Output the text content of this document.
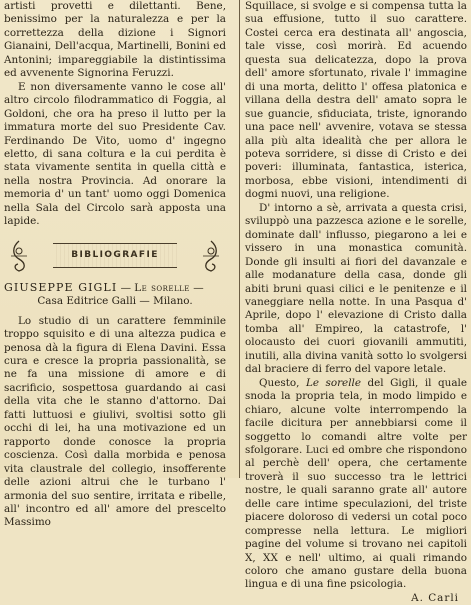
artisti provetti e dilettanti. Bene, benissimo per la naturalezza e per la correttezza della dizione i Signori Gianaini, Dell'acqua, Martinelli, Bonini ed Antonini; impareggiabile la distintissima ed avvenente Signorina Feruzzi.

E non diversamente vanno le cose all' altro circolo filodrammatico di Foggia, al Goldoni, che ora ha preso il lutto per la immatura morte del suo Presidente Cav. Ferdinando De Vito, uomo d' ingegno eletto, di sana coltura e la cui perdita è stata vivamente sentita in quella città e nella nostra Provincia. Ad onorare la memoria d' un tant' uomo oggi Domenica nella Sala del Circolo sarà apposta una lapide.

BIBLIOGRAFIE
GIUSEPPE GIGLI — Le sorelle —
Casa Editrice Galli — Milano.

Lo studio di un carattere femminile troppo squisito e di una altezza pudica e penosa dà la figura di Elena Davini. Essa cura e cresce la propria passionalità, se ne fa una missione di amore e di sacrificio, sospettosa guardando ai casi della vita che le stanno d'attorno. Dai fatti luttuosi e giulivi, svoltisi sotto gli occhi di lei, ha una motivazione ed un rapporto donde conosce la propria coscienza. Così dalla morbida e penosa vita claustrale del collegio, insofferente delle azioni altrui che le turbano l' armonia del suo sentire, irritata e ribelle, all' incontro ed all' amore del prescelto Massimo

Squillace, si svolge e si compensa tutta la sua effusione, tutto il suo carattere. Costei cerca era destinata all' angoscia, tale visse, così morirà. Ed acuendo questa sua delicatezza, dopo la prova dell' amore sfortunato, rivale l' immagine di una morta, delitto l' offesa platonica e villana della destra dell' amato sopra le sue guancie, sfiduciata, triste, ignorando una pace nell' avvenire, votava se stessa alla più alta idealità che per allora le poteva sorridere, si disse di Cristo e dei poveri: illuminata, fantastica, isterica, morbosa, ebbe visioni, intendimenti di dogmi nuovi, una religione.

D' intorno a sè, arrivata a questa crisi, sviluppò una pazzesca azione e le sorelle, dominate dall' influsso, piegarono a lei e vissero in una monastica comunità. Donde gli insulti ai fiori del davanzale e alle modanature della casa, donde gli abiti bruni quasi cilici e le penitenze e il vaneggiare nella notte. In una Pasqua d' Aprile, dopo l' elevazione di Cristo dalla tomba all' Empireo, la catastrofe, l' olocausto dei cuori giovanili ammutiti, inutili, alla divina vanità sotto lo svolgersi dal braciere di ferro del vapore letale.

Questo, Le sorelle del Gigli, il quale snoda la propria tela, in modo limpido e chiaro, alcune volte interrompendo la facile dicitura per annebbiarsi come il soggetto lo comandi altre volte per sfolgorare. Luci ed ombre che rispondono al perchè dell' opera, che certamente troverà il suo successo tra le lettrici nostre, le quali saranno grate all' autore delle care intime speculazioni, del triste piacere doloroso di vedersi un cotal poco compresse nella lettura. Le migliori pagine del volume si trovano nei capitoli X, XX e nell' ultimo, ai quali rimando coloro che amano gustare della buona lingua e di una fine psicologia.

A. Carli
